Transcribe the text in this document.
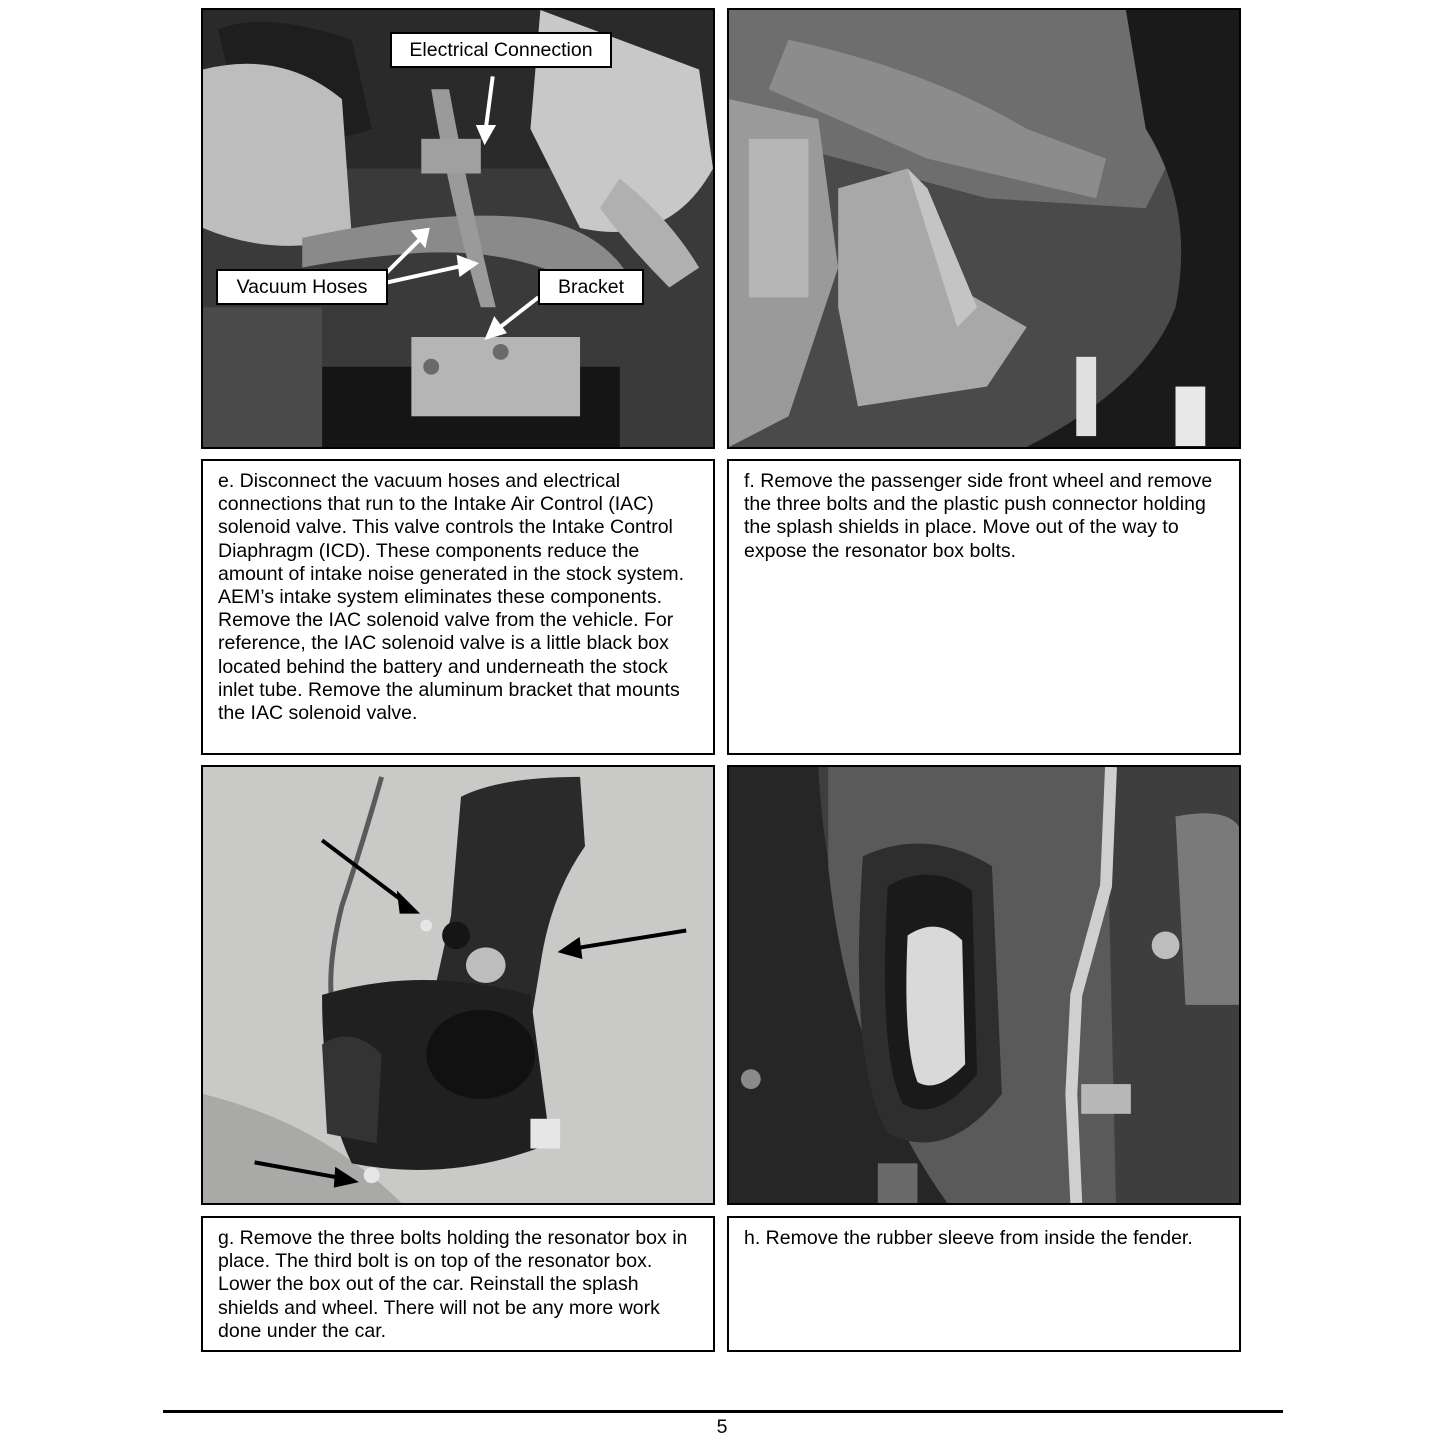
Electrical Connection
Vacuum Hoses	Bracket
e. Disconnect the vacuum hoses and electrical connections that run to the Intake Air Control (IAC) solenoid valve. This valve controls the Intake Control Diaphragm (ICD). These components reduce the amount of intake noise generated in the stock system. AEM’s intake system eliminates these components. Remove the IAC solenoid valve from the vehicle. For reference, the IAC solenoid valve is a little black box located behind the battery and underneath the stock inlet tube. Remove the aluminum bracket that mounts the IAC solenoid valve.
f. Remove the passenger side front wheel and remove the three bolts and the plastic push connector holding the splash shields in place. Move out of the way to expose the resonator box bolts.
g. Remove the three bolts holding the resonator box in place. The third bolt is on top of the resonator box. Lower the box out of the car. Reinstall the splash shields and wheel. There will not be any more work done under the car.
h. Remove the rubber sleeve from inside the fender.
5
